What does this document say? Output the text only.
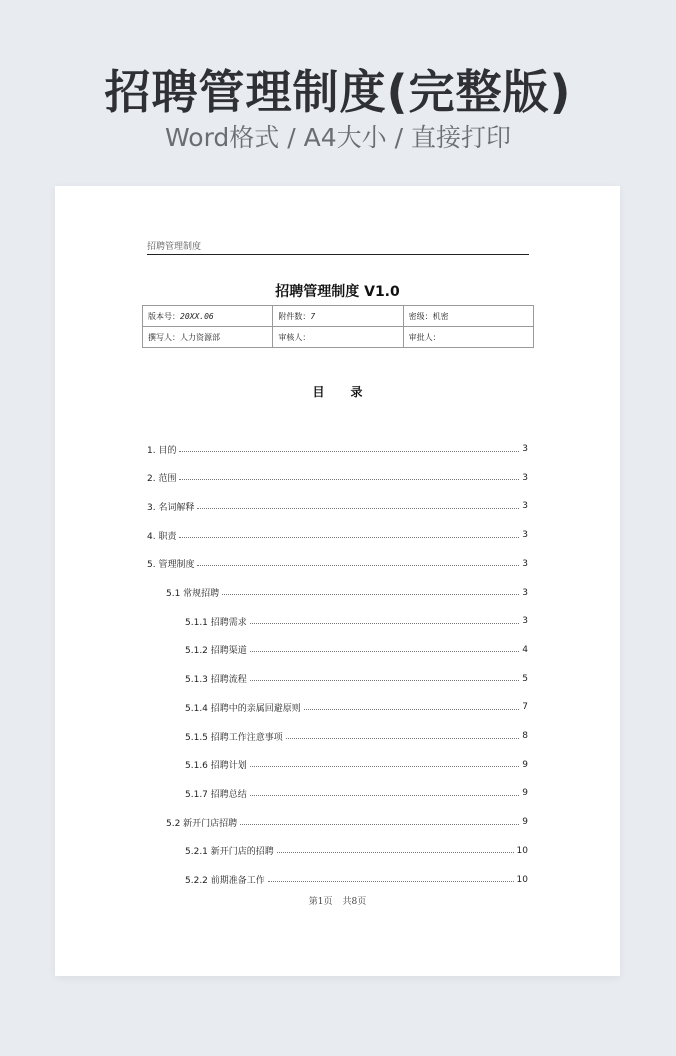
招聘管理制度(完整版)
Word格式 / A4大小 / 直接打印
招聘管理制度
招聘管理制度 V1.0
版本号：20XX.06	附件数：7	密级：机密
撰写人：人力资源部	审核人：	审批人：
目 录
1. 目的	3
2. 范围	3
3. 名词解释	3
4. 职责	3
5. 管理制度	3
5.1 常规招聘	3
5.1.1 招聘需求	3
5.1.2 招聘渠道	4
5.1.3 招聘流程	5
5.1.4 招聘中的亲属回避原则	7
5.1.5 招聘工作注意事项	8
5.1.6 招聘计划	9
5.1.7 招聘总结	9
5.2 新开门店招聘	9
5.2.1 新开门店的招聘	10
5.2.2 前期准备工作	10
第1页 共8页
